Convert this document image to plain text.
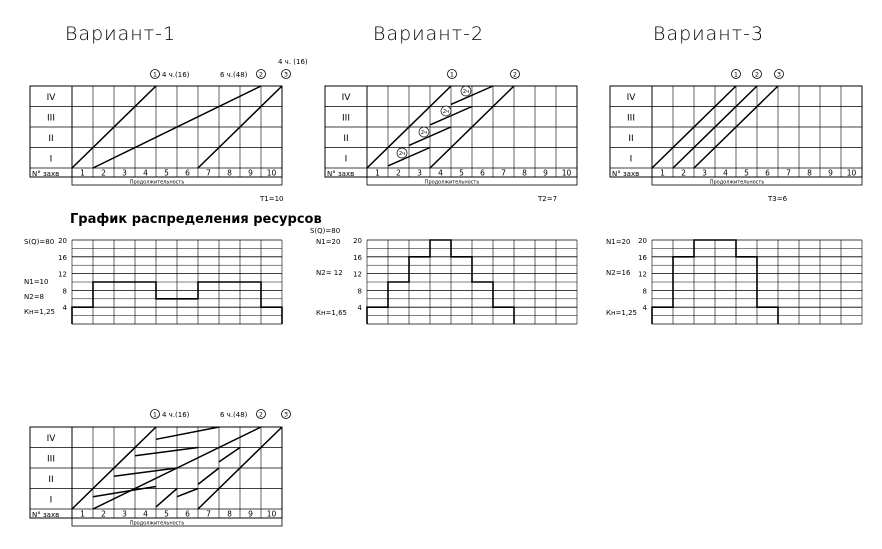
Вариант-1	Вариант-2	Вариант-3
График распределения ресурсов
IV
III
II
I
N° захв	1 2 3 4 5 6 7 8 9 10
Продолжительность
IV
III
II
I
N° захв	1 2 3 4 5 6 7 8 9 10
Продолжительность
IV
III
II
I
N° захв	1 2 3 4 5 6 7 8 9 10
Продолжительность
IV
III
II
I
N° захв	1 2 3 4 5 6 7 8 9 10
Продолжительность
20
16
12
8
4
20
16
12
8
4
20
16
12
8
4
1 4 ч.(16)	6 ч.(48) 2
4 ч. (16)
3
Т1=10
1	2
2ч
2ч
2ч
2ч
Т2=7
1	2	3
Т3=6
1 4 ч.(16)	6 ч.(48) 2	3
S(Q)=80
N1=10
N2=8
Кн=1,25
S(Q)=80
N1=20
N2= 12
Кн=1,65
N1=20
N2=16
Кн=1,25
